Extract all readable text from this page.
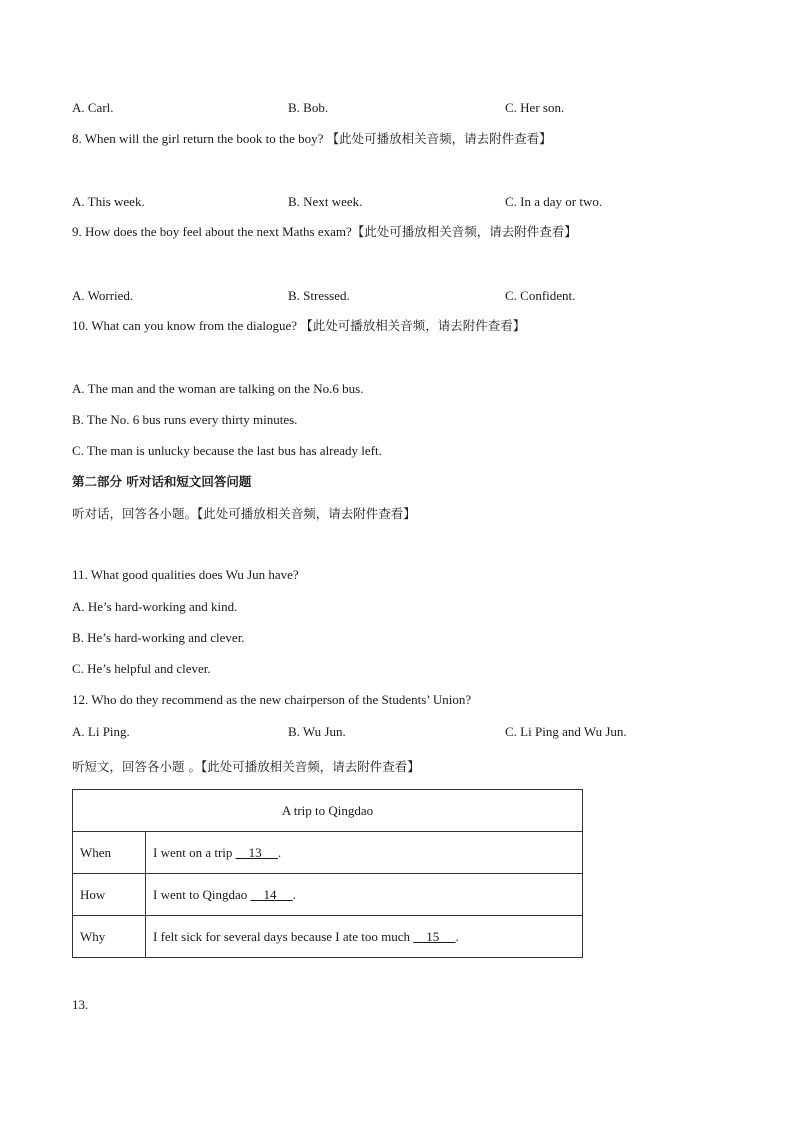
A. Carl.	B. Bob.	C. Her son.
8. When will the girl return the book to the boy? 【此处可播放相关音频，请去附件查看】
A. This week.	B. Next week.	C. In a day or two.
9. How does the boy feel about the next Maths exam?【此处可播放相关音频，请去附件查看】
A. Worried.	B. Stressed.	C. Confident.
10. What can you know from the dialogue? 【此处可播放相关音频，请去附件查看】
A. The man and the woman are talking on the No.6 bus.
B. The No. 6 bus runs every thirty minutes.
C. The man is unlucky because the last bus has already left.
第二部分 听对话和短文回答问题
听对话，回答各小题。【此处可播放相关音频，请去附件查看】
11. What good qualities does Wu Jun have?
A. He’s hard-working and kind.
B. He’s hard-working and clever.
C. He’s helpful and clever.
12. Who do they recommend as the new chairperson of the Students’ Union?
A. Li Ping.	B. Wu Jun.	C. Li Ping and Wu Jun.
听短文，回答各小题 。【此处可播放相关音频，请去附件查看】
A trip to Qingdao	
When	I went on a trip     13     .
How	I went to Qingdao     14     .
Why	I felt sick for several days because I ate too much     15     .
13.
